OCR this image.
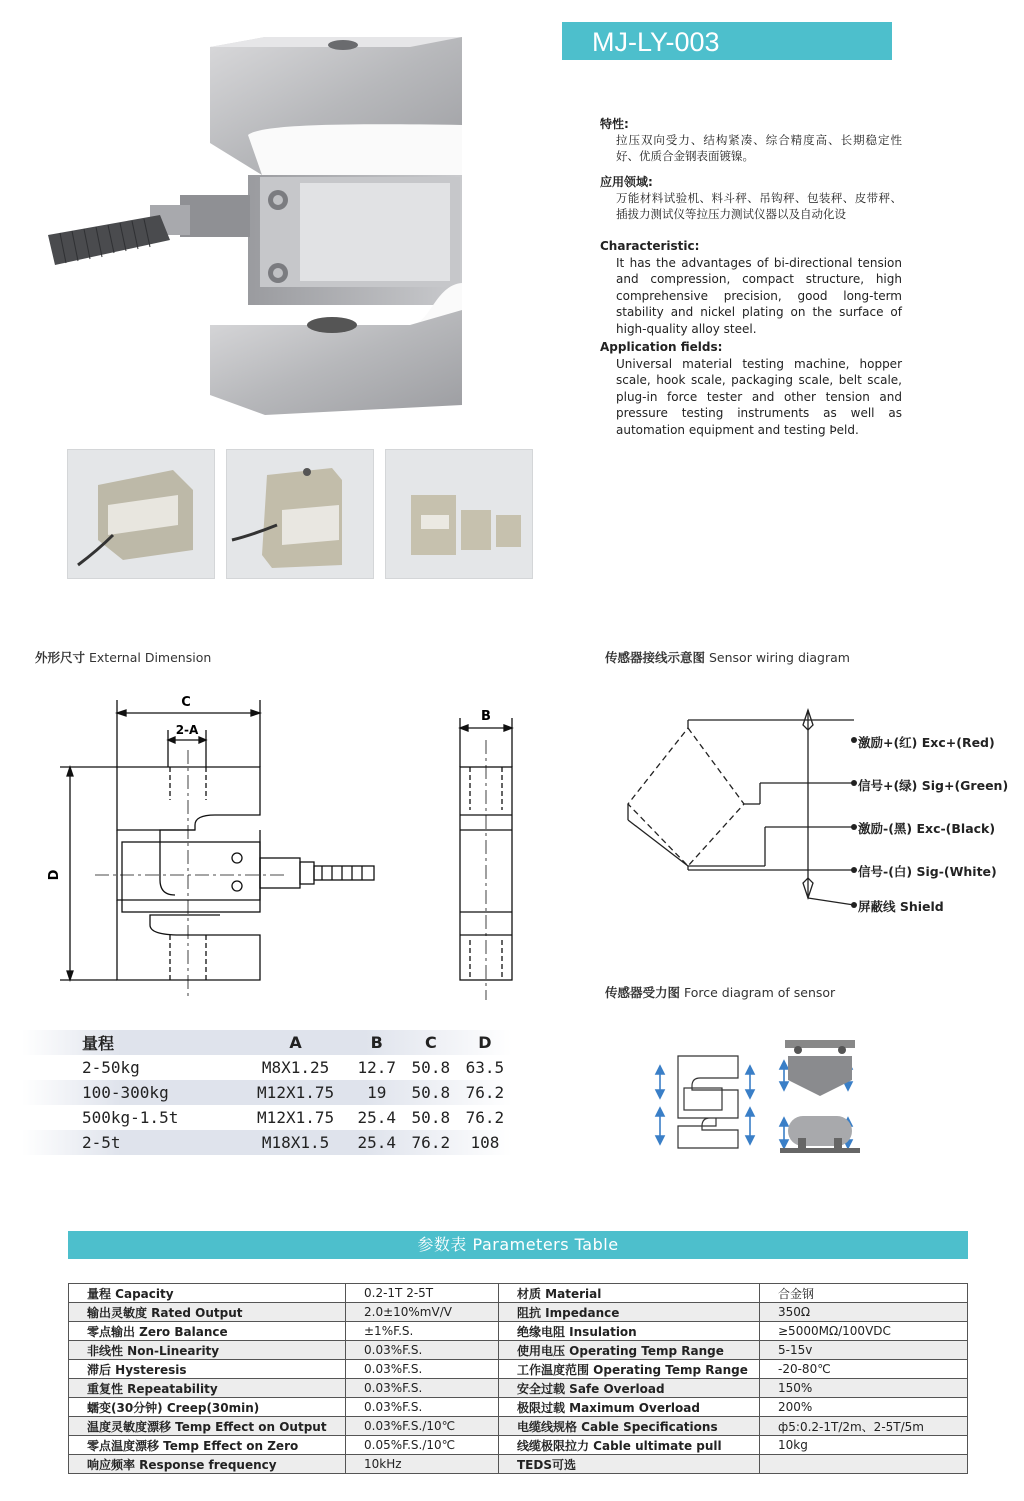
MJ-LY-003
特性:

拉压双向受力、结构紧凑、综合精度高、长期稳定性好、优质合金钢表面镀镍。

应用领域:

万能材料试验机、料斗秤、吊钩秤、包装秤、皮带秤、插拔力测试仪等拉压力测试仪器以及自动化设

Characteristic:

It has the advantages of bi-directional tension and compression, compact structure, high comprehensive precision, good long-term stability and nickel plating on the surface of high-quality alloy steel.

Application fields:

Universal material testing machine, hopper scale, hook scale, packaging scale, belt scale, plug-in force tester and other tension and pressure testing instruments as well as automation equipment and testing Þeld.

外形尺寸 External Dimension
C
2-A
D
B
传感器接线示意图 Sensor wiring diagram
激励+(红) Exc+(Red)
信号+(绿) Sig+(Green)
激励-(黑) Exc-(Black)
信号-(白) Sig-(White)
屏蔽线 Shield
传感器受力图 Force diagram of sensor
量程	A	B	C	D
2-50kg	M8X1.25	12.7	50.8	63.5
100-300kg	M12X1.75	19	50.8	76.2
500kg-1.5t	M12X1.75	25.4	50.8	76.2
2-5t	M18X1.5	25.4	76.2	108
参数表 Parameters Table
量程 Capacity	0.2-1T 2-5T	材质 Material	合金钢
输出灵敏度 Rated Output	2.0±10%mV/V	阻抗 Impedance	350Ω
零点输出 Zero Balance	±1%F.S.	绝缘电阻 Insulation	≥5000MΩ/100VDC
非线性 Non-Linearity	0.03%F.S.	使用电压 Operating Temp Range	5-15v
滞后 Hysteresis	0.03%F.S.	工作温度范围 Operating Temp Range	-20-80℃
重复性 Repeatability	0.03%F.S.	安全过载 Safe Overload	150%
蠕变(30分钟) Creep(30min)	0.03%F.S.	极限过载 Maximum Overload	200%
温度灵敏度漂移 Temp Effect on Output	0.03%F.S./10℃	电缆线规格 Cable Specifications	ф5:0.2-1T/2m、2-5T/5m
零点温度漂移 Temp Effect on Zero	0.05%F.S./10℃	线缆极限拉力 Cable ultimate pull	10kg
响应频率 Response frequency	10kHz	TEDS可选	
